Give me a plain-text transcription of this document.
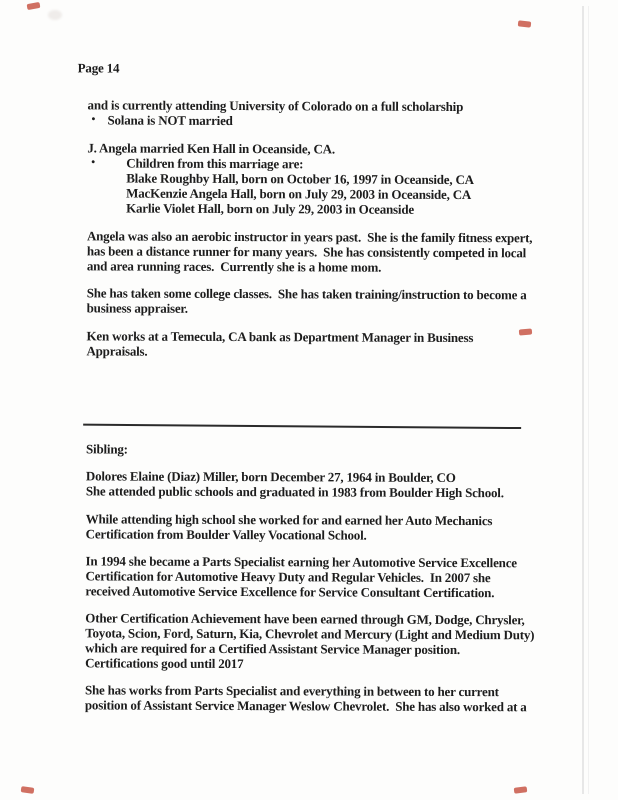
Page 14

and is currently attending University of Colorado on a full scholarship

• Solana is NOT married

J. Angela married Ken Hall in Oceanside, CA.

•	Children from this marriage are:

Blake Roughby Hall, born on October 16, 1997 in Oceanside, CA

MacKenzie Angela Hall, born on July 29, 2003 in Oceanside, CA

Karlie Violet Hall, born on July 29, 2003 in Oceanside

Angela was also an aerobic instructor in years past.  She is the family fitness expert,
has been a distance runner for many years.  She has consistently competed in local
and area running races.  Currently she is a home mom.

She has taken some college classes.  She has taken training/instruction to become a
business appraiser.

Ken works at a Temecula, CA bank as Department Manager in Business
Appraisals.

Sibling:

Dolores Elaine (Diaz) Miller, born December 27, 1964 in Boulder, CO
She attended public schools and graduated in 1983 from Boulder High School.

While attending high school she worked for and earned her Auto Mechanics
Certification from Boulder Valley Vocational School.

In 1994 she became a Parts Specialist earning her Automotive Service Excellence
Certification for Automotive Heavy Duty and Regular Vehicles.  In 2007 she
received Automotive Service Excellence for Service Consultant Certification.

Other Certification Achievement have been earned through GM, Dodge, Chrysler,
Toyota, Scion, Ford, Saturn, Kia, Chevrolet and Mercury (Light and Medium Duty)
which are required for a Certified Assistant Service Manager position.
Certifications good until 2017

She has works from Parts Specialist and everything in between to her current
position of Assistant Service Manager Weslow Chevrolet.  She has also worked at a
